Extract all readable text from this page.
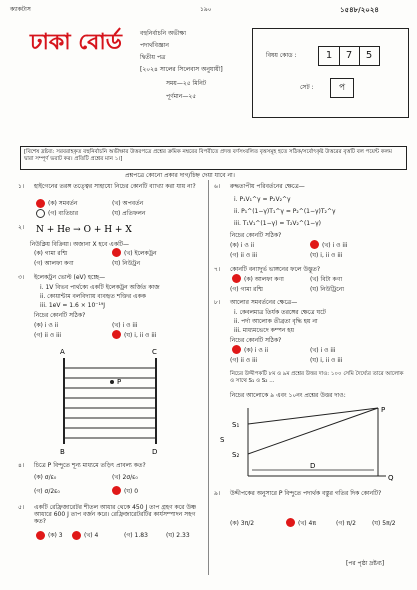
ক্যাকটাস	১৯০	১৫৪৮/২০২৪
ঢাকা বোর্ড	বহুনির্বাচনি অভীক্ষা
পদার্থবিজ্ঞান
দ্বিতীয় পত্র
[২০২৪ সালের সিলেবাস অনুযায়ী]
সময়—২৫ মিনিট
পূর্ণমান—২৫
বিষয় কোড :	1	7	5
সেট :	প
[বিশেষ দ্রষ্টব্য: সরবরাহকৃত বহুনির্বাচনি অভীক্ষার উত্তরপত্রে প্রশ্নের ক্রমিক নম্বরের বিপরীতে প্রদত্ত বর্ণসংবলিত বৃত্তসমূহ হতে সঠিক/সর্বোৎকৃষ্ট উত্তরের বৃত্তটি বল পয়েন্ট কলম দ্বারা সম্পূর্ণ ভরাট কর। প্রতিটি প্রশ্নের মান ১।]
প্রশ্নপত্রে কোনো প্রকার দাগ/চিহ্ন দেয়া যাবে না।
১। হাইগেনের তরঙ্গ তত্ত্বের সাহায্যে নিচের কোনটি ব্যাখ্যা করা যায় না?
(ক) সমবর্তন	(খ) অপবর্তন
(গ) ব্যতিচার	(ঘ) প্রতিফলন
২। N + He → O + H + X
নিউক্লিয় বিক্রিয়া। অজানা X হবে একটি—
(ক) গামা রশ্মি	(খ) ইলেকট্রন
(গ) আলফা কণা	(ঘ) নিউট্রন
৩। ইলেকট্রন ভোল্ট (eV) হচ্ছে—
i. 1V বিভব পার্থক্যে একটি ইলেকট্রন অর্জিত কাজ
ii. কোয়ান্টাম বলবিদ্যায় ব্যবহৃত শক্তির একক
iii. 1eV = 1.6 × 10⁻¹⁹J
নিচের কোনটি সঠিক?
(ক) i ও ii	(খ) i ও iii
(গ) ii ও iii	(ঘ) i, ii ও iii
A	C
P
B	D
৪। চিত্রে P বিন্দুতে শূন্য মাধ্যমে তড়িৎ প্রাবল্য কত?
(ক) σ/ε₀	(খ) 2σ/ε₀
(গ) σ/2ε₀	(ঘ) 0
৫। একটি রেফ্রিজারেটর শীতল আধার থেকে 450 J তাপ গ্রহণ করে উষ্ণ আধারে 600 J তাপ বর্জন করে। রেফ্রিজারেটরটির কার্যসম্পাদন সহগ কত?
(ক) 3	(খ) 4	(গ) 1.83	(ঘ) 2.33
৬। রুদ্ধতাপীয় পরিবর্তনের ক্ষেত্রে—
i. P₁V₁^γ = P₂V₂^γ
ii. P₁^(1−γ)T₁^γ = P₂^(1−γ)T₂^γ
iii. T₁V₁^(1−γ) = T₂V₂^(1−γ)
নিচের কোনটি সঠিক?
(ক) i ও ii	(খ) i ও iii
(গ) ii ও iii	(ঘ) i, ii ও iii
৭। কোনটি বন্যাদুর্ভ ভাঙ্গনের ফলে উদ্ভূত?
(ক) আলফা কণা	(খ) বিটা কণা
(গ) গামা রশ্মি	(ঘ) নিউট্রিনো
৮। আলোর সমবর্তনের ক্ষেত্রে—
i. কেবলমাত্র তির্যক তরঙ্গের ক্ষেত্রে ঘটে
ii. পর্দা আলোক তীব্রতা বৃদ্ধি হয় না
iii. মাধ্যমভেদে কম্পন হয়
নিচের কোনটি সঠিক?
(ক) i ও ii	(খ) i ও iii
(গ) ii ও iii	(ঘ) i, ii ও iii
নিচের উদ্দীপকটি ৮ম ও ৯ম প্রশ্নের উত্তর দাও: ১০০ সেমি দৈর্ঘ্যের তারে আলোক ও সাথে S₁ ও S₂ ...
নিচের আলোকে ৯ এবং ১০নং প্রশ্নের উত্তর দাও:
P
S₁
S₂
D
Q
S
৯। উদ্দীপকের অনুসারে P বিন্দুতে পদার্থক বস্তুর গতির দিক কোনটি?
(ক) 3π/2	(খ) 4π	(গ) π/2	(ঘ) 5π/2
[পর পৃষ্ঠা দ্রষ্টব্য]
